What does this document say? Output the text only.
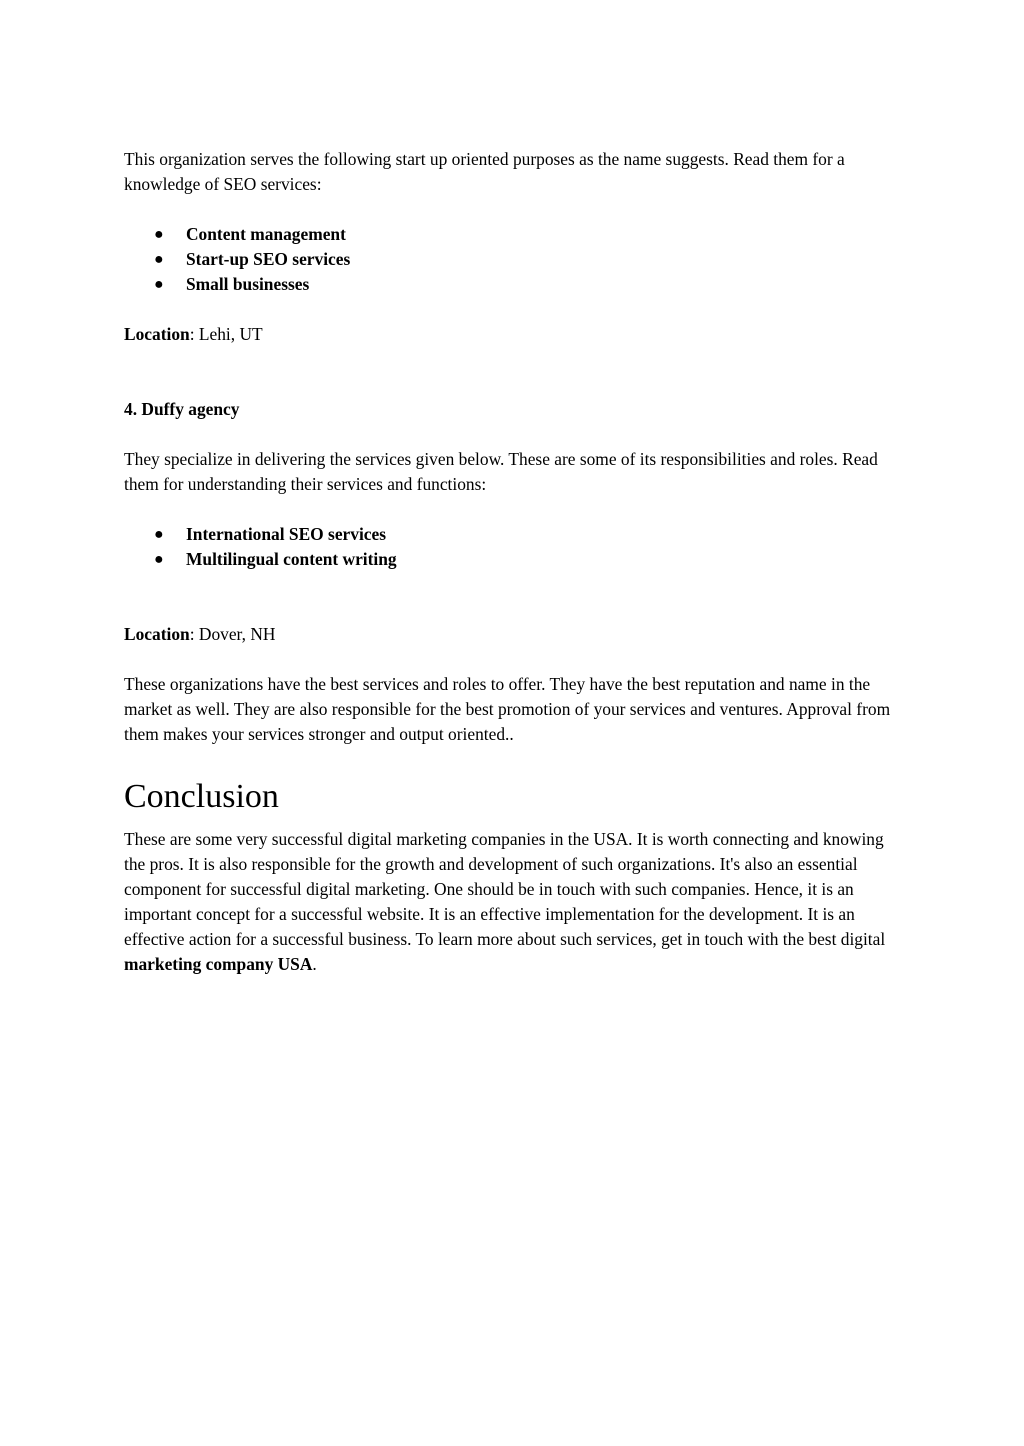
This organization serves the following start up oriented purposes as the name suggests. Read them for a knowledge of SEO services:

● Content management
● Start-up SEO services
● Small businesses

Location: Lehi, UT

4. Duffy agency

They specialize in delivering the services given below. These are some of its responsibilities and roles. Read them for understanding their services and functions:

● International SEO services
● Multilingual content writing

Location: Dover, NH

These organizations have the best services and roles to offer. They have the best reputation and name in the market as well. They are also responsible for the best promotion of your services and ventures. Approval from them makes your services stronger and output oriented..

Conclusion

These are some very successful digital marketing companies in the USA. It is worth connecting and knowing the pros. It is also responsible for the growth and development of such organizations. It's also an essential component for successful digital marketing. One should be in touch with such companies. Hence, it is an important concept for a successful website. It is an effective implementation for the development. It is an effective action for a successful business. To learn more about such services, get in touch with the best digital marketing company USA.
